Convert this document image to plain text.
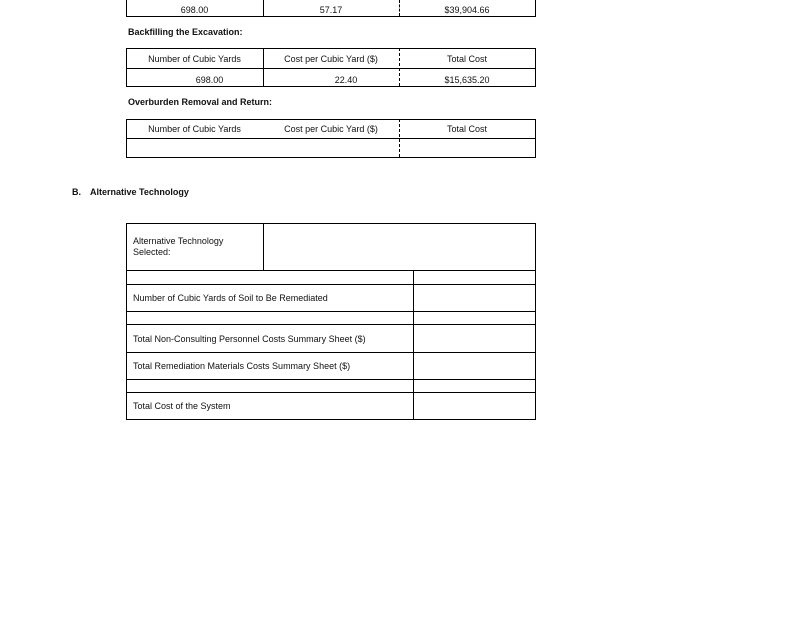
698.00	57.17	$39,904.66
Backfilling the Excavation:
Number of Cubic Yards	Cost per Cubic Yard ($)	Total Cost
698.00	22.40	$15,635.20
Overburden Removal and Return:
Number of Cubic Yards	Cost per Cubic Yard ($)	Total Cost
B. Alternative Technology
Alternative Technology
Selected:
Number of Cubic Yards of Soil to Be Remediated
Total Non-Consulting Personnel Costs Summary Sheet ($)
Total Remediation Materials Costs Summary Sheet ($)
Total Cost of the System
